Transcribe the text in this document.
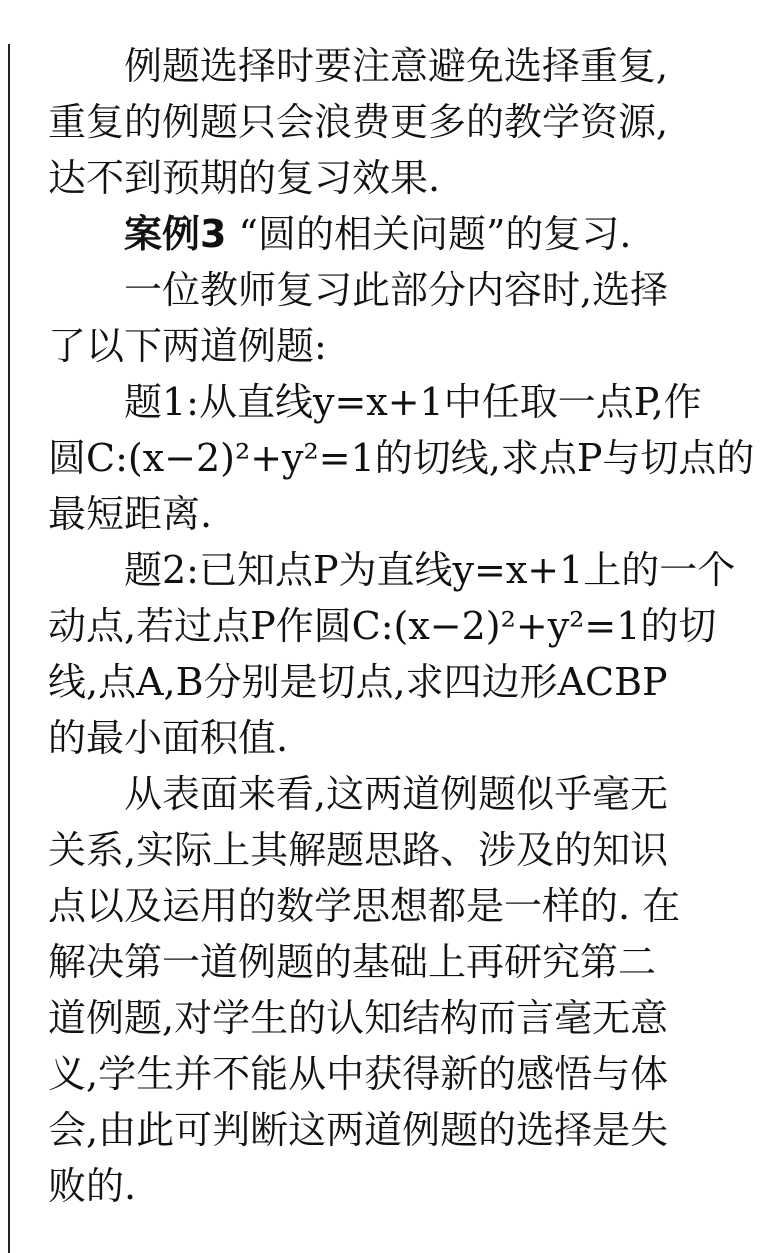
例题选择时要注意避免选择重复,
重复的例题只会浪费更多的教学资源,
达不到预期的复习效果.
案例3 “圆的相关问题”的复习.
一位教师复习此部分内容时,选择
了以下两道例题:
题1:从直线y=x+1中任取一点P,作
圆C:(x−2)²+y²=1的切线,求点P与切点的
最短距离.
题2:已知点P为直线y=x+1上的一个
动点,若过点P作圆C:(x−2)²+y²=1的切
线,点A,B分别是切点,求四边形ACBP
的最小面积值.
从表面来看,这两道例题似乎毫无
关系,实际上其解题思路、涉及的知识
点以及运用的数学思想都是一样的. 在
解决第一道例题的基础上再研究第二
道例题,对学生的认知结构而言毫无意
义,学生并不能从中获得新的感悟与体
会,由此可判断这两道例题的选择是失
败的.
